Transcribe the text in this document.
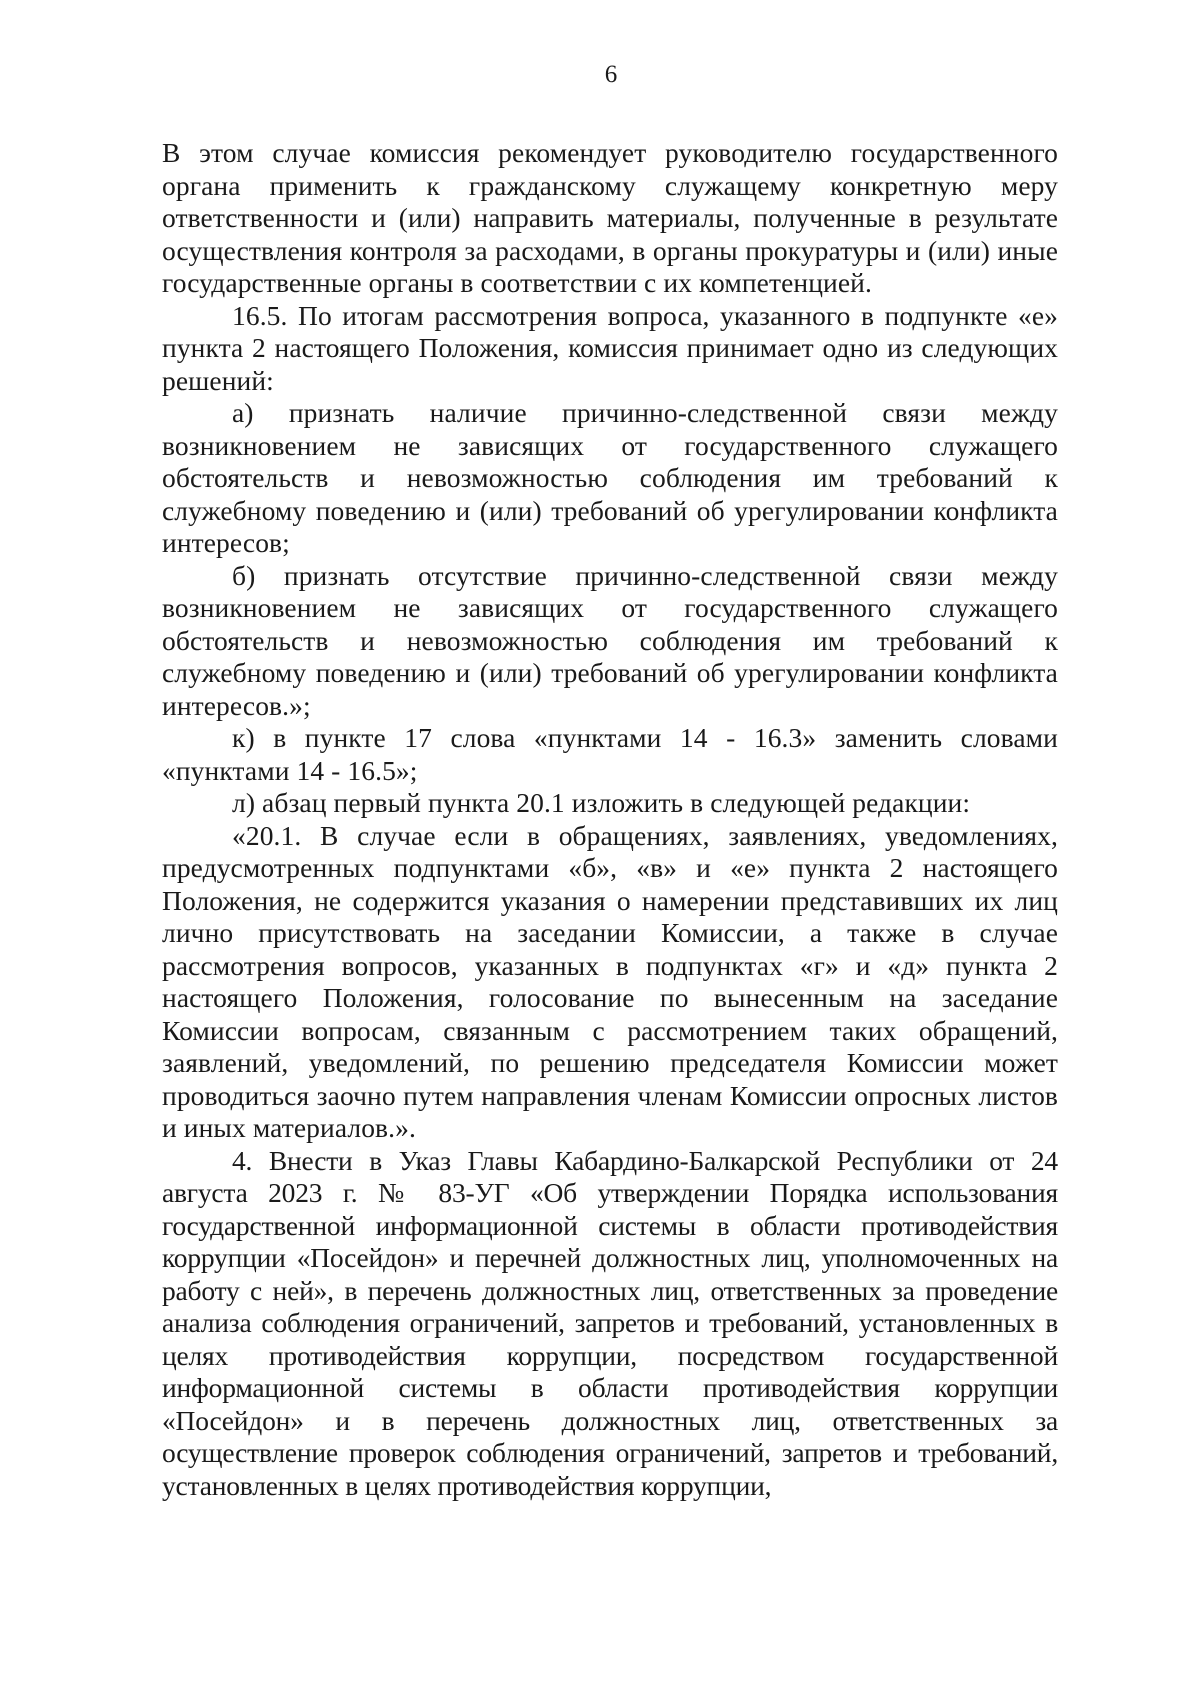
6

В этом случае комиссия рекомендует руководителю государственного органа применить к гражданскому служащему конкретную меру ответственности и (или) направить материалы, полученные в результате осуществления контроля за расходами, в органы прокуратуры и (или) иные государственные органы в соответствии с их компетенцией.

16.5. По итогам рассмотрения вопроса, указанного в подпункте «е» пункта 2 настоящего Положения, комиссия принимает одно из следующих решений:

а) признать наличие причинно-следственной связи между возникновением не зависящих от государственного служащего обстоятельств и невозможностью соблюдения им требований к служебному поведению и (или) требований об урегулировании конфликта интересов;

б) признать отсутствие причинно-следственной связи между возникновением не зависящих от государственного служащего обстоятельств и невозможностью соблюдения им требований к служебному поведению и (или) требований об урегулировании конфликта интересов.»;

к) в пункте 17 слова «пунктами 14 - 16.3» заменить словами «пунктами 14 - 16.5»;

л) абзац первый пункта 20.1 изложить в следующей редакции:

«20.1. В случае если в обращениях, заявлениях, уведомлениях, предусмотренных подпунктами «б», «в» и «е» пункта 2 настоящего Положения, не содержится указания о намерении представивших их лиц лично присутствовать на заседании Комиссии, а также в случае рассмотрения вопросов, указанных в подпунктах «г» и «д» пункта 2 настоящего Положения, голосование по вынесенным на заседание Комиссии вопросам, связанным с рассмотрением таких обращений, заявлений, уведомлений, по решению председателя Комиссии может проводиться заочно путем направления членам Комиссии опросных листов и иных материалов.».

4. Внести в Указ Главы Кабардино-Балкарской Республики от 24 августа 2023 г. № 83-УГ «Об утверждении Порядка использования государственной информационной системы в области противодействия коррупции «Посейдон» и перечней должностных лиц, уполномоченных на работу с ней», в перечень должностных лиц, ответственных за проведение анализа соблюдения ограничений, запретов и требований, установленных в целях противодействия коррупции, посредством государственной информационной системы в области противодействия коррупции «Посейдон» и в перечень должностных лиц, ответственных за осуществление проверок соблюдения ограничений, запретов и требований, установленных в целях противодействия коррупции,
